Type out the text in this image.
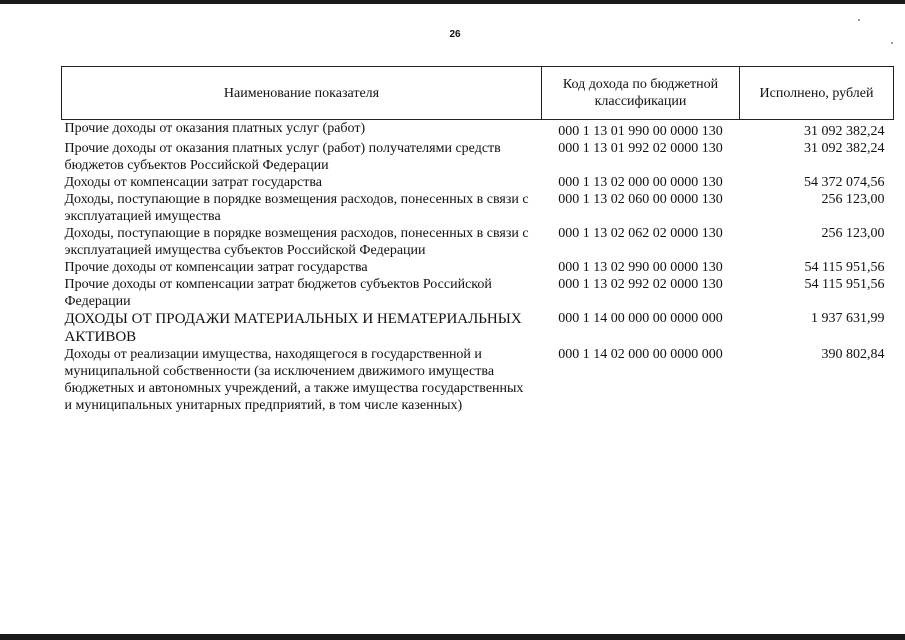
26
Наименование показателя	Код дохода по бюджетной классификации	Исполнено, рублей
Прочие доходы от оказания платных услуг (работ)	000 1 13 01 990 00 0000 130	31 092 382,24
Прочие доходы от оказания платных услуг (работ) получателями средств бюджетов субъектов Российской Федерации	000 1 13 01 992 02 0000 130	31 092 382,24
Доходы от компенсации затрат государства	000 1 13 02 000 00 0000 130	54 372 074,56
Доходы, поступающие в порядке возмещения расходов, понесенных в связи с эксплуатацией имущества	000 1 13 02 060 00 0000 130	256 123,00
Доходы, поступающие в порядке возмещения расходов, понесенных в связи с эксплуатацией имущества субъектов Российской Федерации	000 1 13 02 062 02 0000 130	256 123,00
Прочие доходы от компенсации затрат государства	000 1 13 02 990 00 0000 130	54 115 951,56
Прочие доходы от компенсации затрат бюджетов субъектов Российской Федерации	000 1 13 02 992 02 0000 130	54 115 951,56
ДОХОДЫ ОТ ПРОДАЖИ МАТЕРИАЛЬНЫХ И НЕМАТЕРИАЛЬНЫХ АКТИВОВ	000 1 14 00 000 00 0000 000	1 937 631,99
Доходы от реализации имущества, находящегося в государственной и муниципальной собственности (за исключением движимого имущества бюджетных и автономных учреждений, а также имущества государственных и муниципальных унитарных предприятий, в том числе казенных)	000 1 14 02 000 00 0000 000	390 802,84
